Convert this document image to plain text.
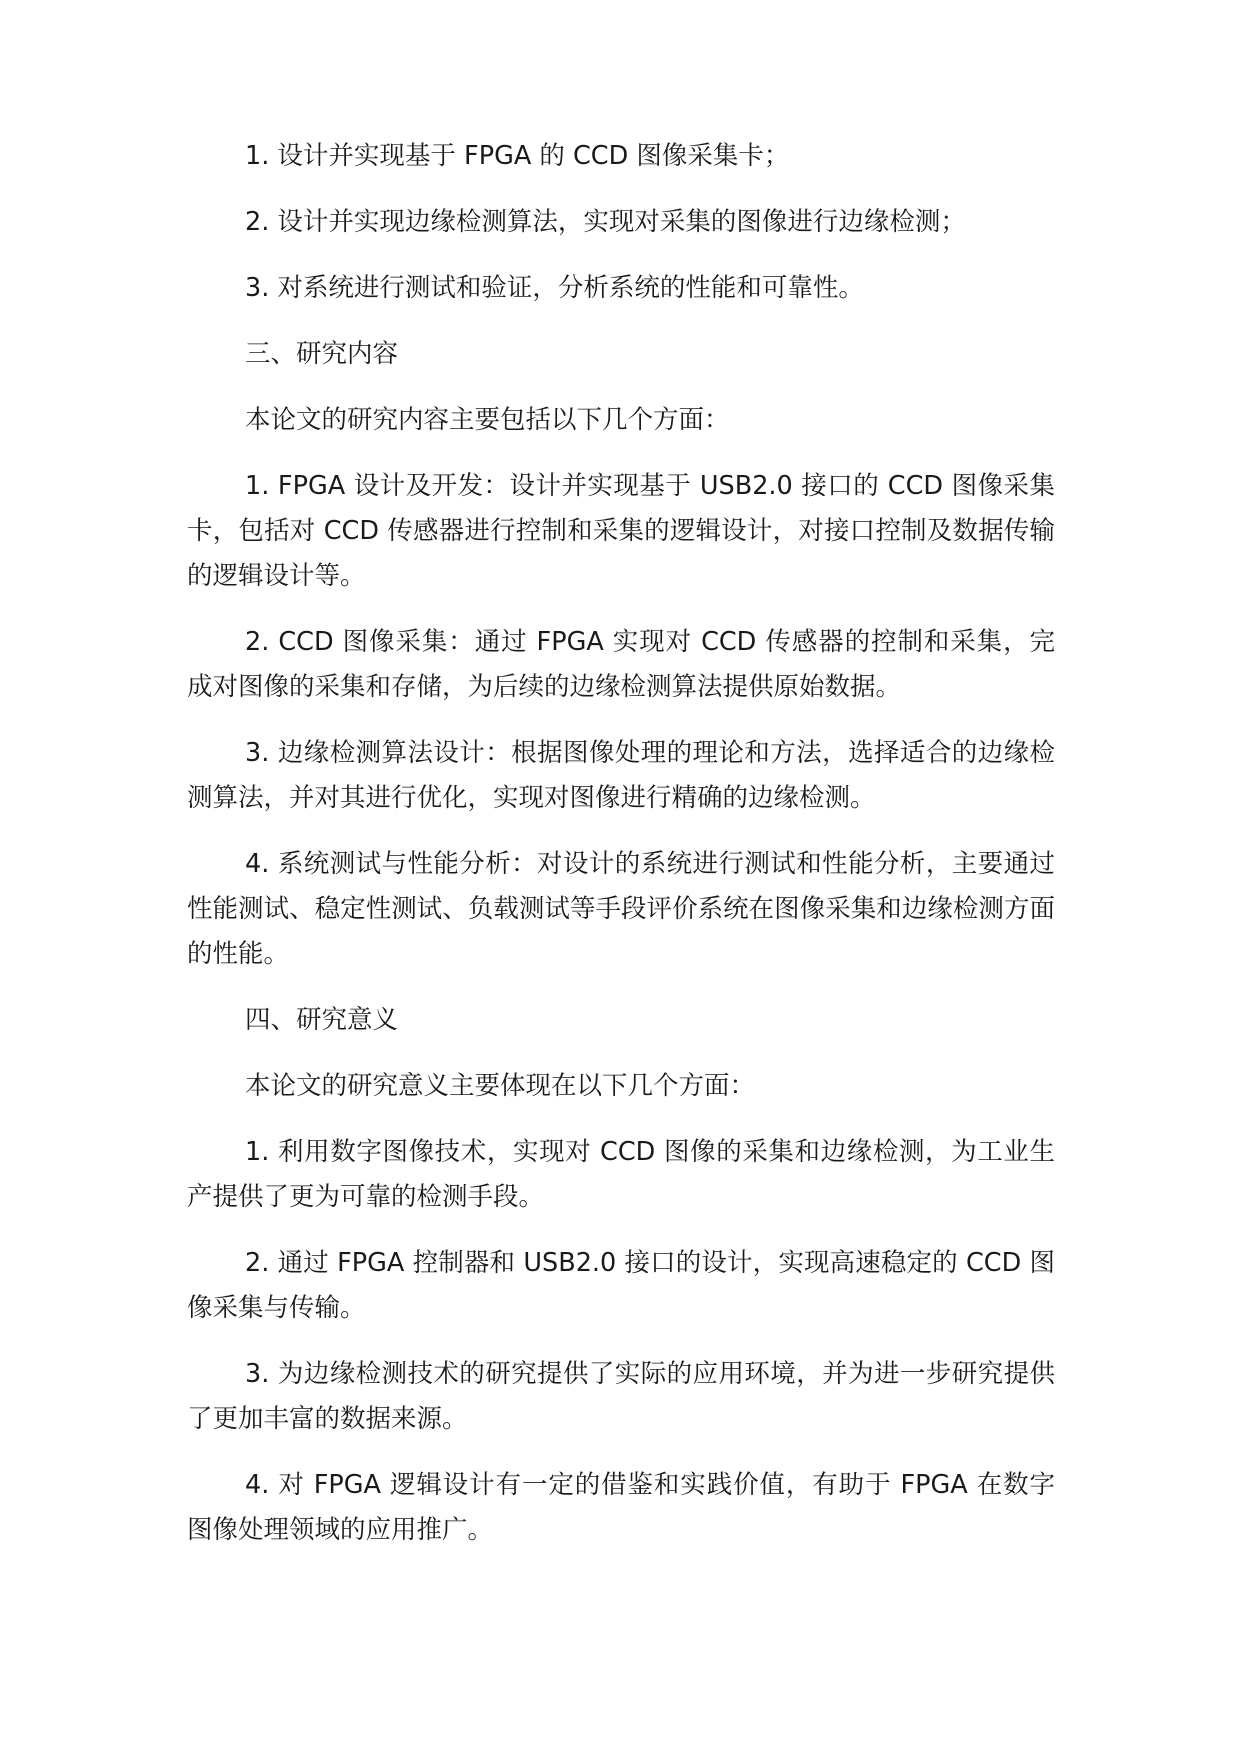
1. 设计并实现基于 FPGA 的 CCD 图像采集卡；

2. 设计并实现边缘检测算法，实现对采集的图像进行边缘检测；

3. 对系统进行测试和验证，分析系统的性能和可靠性。

三、研究内容

本论文的研究内容主要包括以下几个方面：

1. FPGA 设计及开发：设计并实现基于 USB2.0 接口的 CCD 图像采集卡，包括对 CCD 传感器进行控制和采集的逻辑设计，对接口控制及数据传输的逻辑设计等。

2. CCD 图像采集：通过 FPGA 实现对 CCD 传感器的控制和采集，完成对图像的采集和存储，为后续的边缘检测算法提供原始数据。

3. 边缘检测算法设计：根据图像处理的理论和方法，选择适合的边缘检测算法，并对其进行优化，实现对图像进行精确的边缘检测。

4. 系统测试与性能分析：对设计的系统进行测试和性能分析，主要通过性能测试、稳定性测试、负载测试等手段评价系统在图像采集和边缘检测方面的性能。

四、研究意义

本论文的研究意义主要体现在以下几个方面：

1. 利用数字图像技术，实现对 CCD 图像的采集和边缘检测，为工业生产提供了更为可靠的检测手段。

2. 通过 FPGA 控制器和 USB2.0 接口的设计，实现高速稳定的 CCD 图像采集与传输。

3. 为边缘检测技术的研究提供了实际的应用环境，并为进一步研究提供了更加丰富的数据来源。

4. 对 FPGA 逻辑设计有一定的借鉴和实践价值，有助于 FPGA 在数字图像处理领域的应用推广。
